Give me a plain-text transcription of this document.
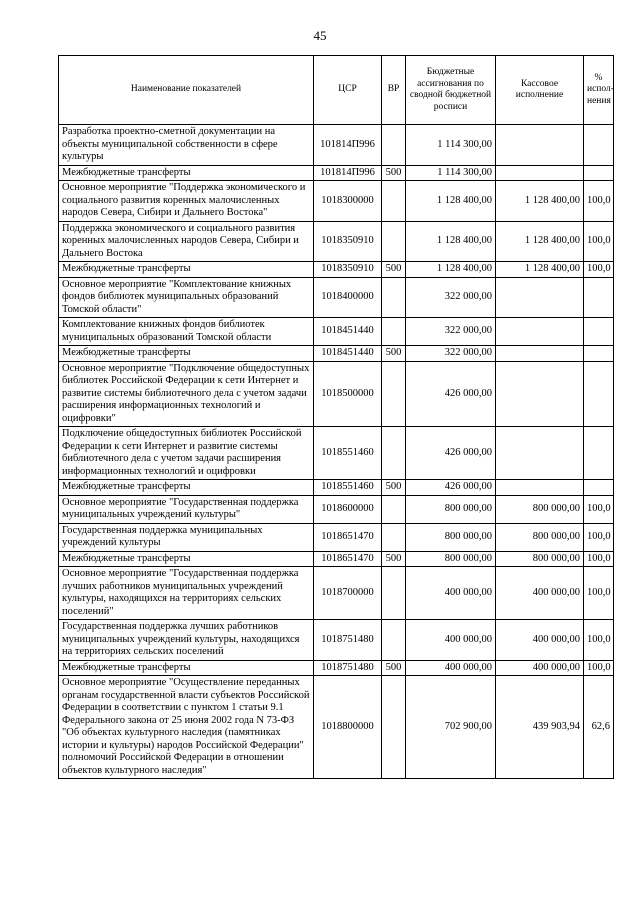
45
Наименование показателей	ЦСР	ВР	Бюджетные ассигнования по сводной бюджетной росписи	Кассовое исполнение	% испол-нения
Разработка проектно-сметной документации на объекты муниципальной собственности в сфере культуры	101814П996		1 114 300,00		
Межбюджетные трансферты	101814П996	500	1 114 300,00		
Основное мероприятие "Поддержка экономического и социального развития коренных малочисленных народов Севера, Сибири и Дальнего Востока"	1018300000		1 128 400,00	1 128 400,00	100,0
Поддержка экономического и социального развития коренных малочисленных народов Севера, Сибири и Дальнего Востока	1018350910		1 128 400,00	1 128 400,00	100,0
Межбюджетные трансферты	1018350910	500	1 128 400,00	1 128 400,00	100,0
Основное мероприятие "Комплектование книжных фондов библиотек муниципальных образований Томской области"	1018400000		322 000,00		
Комплектование книжных фондов библиотек муниципальных образований Томской области	1018451440		322 000,00		
Межбюджетные трансферты	1018451440	500	322 000,00		
Основное мероприятие "Подключение общедоступных библиотек Российской Федерации к сети Интернет и развитие системы библиотечного дела с учетом задачи расширения информационных технологий и оцифровки"	1018500000		426 000,00		
Подключение общедоступных библиотек Российской Федерации к сети Интернет и развитие системы библиотечного дела с учетом задачи расширения информационных технологий и оцифровки	1018551460		426 000,00		
Межбюджетные трансферты	1018551460	500	426 000,00		
Основное мероприятие "Государственная поддержка муниципальных учреждений культуры"	1018600000		800 000,00	800 000,00	100,0
Государственная поддержка муниципальных учреждений культуры	1018651470		800 000,00	800 000,00	100,0
Межбюджетные трансферты	1018651470	500	800 000,00	800 000,00	100,0
Основное мероприятие "Государственная поддержка лучших работников муниципальных учреждений культуры, находящихся на территориях сельских поселений"	1018700000		400 000,00	400 000,00	100,0
Государственная поддержка лучших работников муниципальных учреждений культуры, находящихся на территориях сельских поселений	1018751480		400 000,00	400 000,00	100,0
Межбюджетные трансферты	1018751480	500	400 000,00	400 000,00	100,0
Основное мероприятие "Осуществление переданных органам государственной власти субъектов Российской Федерации в соответствии с пунктом 1 статьи 9.1 Федерального закона от 25 июня 2002 года N 73-ФЗ "Об объектах культурного наследия (памятниках истории и культуры) народов Российской Федерации" полномочий Российской Федерации в отношении объектов культурного наследия"	1018800000		702 900,00	439 903,94	62,6
